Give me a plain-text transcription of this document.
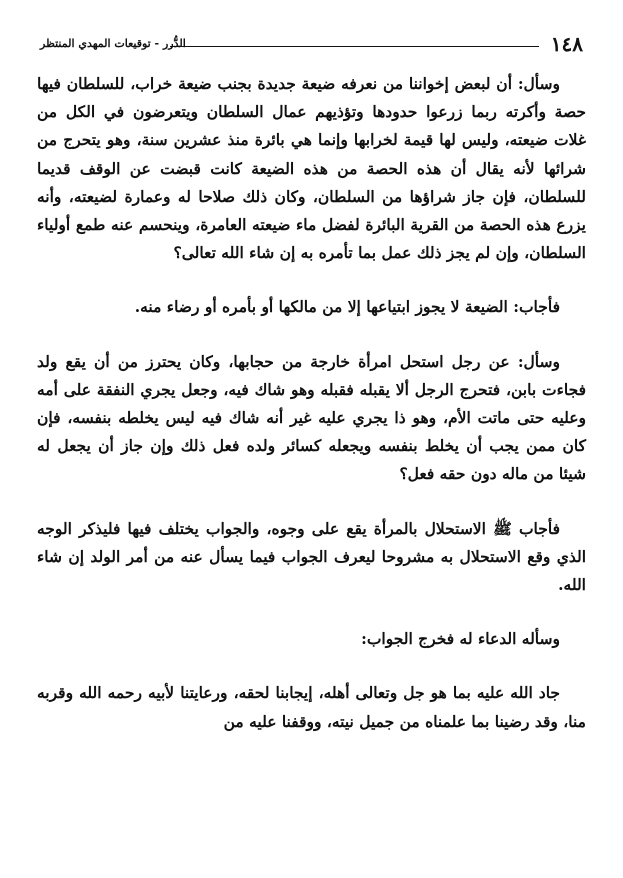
١٤٨
الدُّرر - توقيعات المهدي المنتظر

وسأل: أن لبعض إخواننا من نعرفه ضيعة جديدة بجنب ضيعة خراب، للسلطان فيها حصة وأكرته ربما زرعوا حدودها وتؤذيهم عمال السلطان ويتعرضون في الكل من غلات ضيعته، وليس لها قيمة لخرابها وإنما هي بائرة منذ عشرين سنة، وهو يتحرج من شرائها لأنه يقال أن هذه الحصة من هذه الضيعة كانت قبضت عن الوقف قديما للسلطان، فإن جاز شراؤها من السلطان، وكان ذلك صلاحا له وعمارة لضيعته، وأنه يزرع هذه الحصة من القرية البائرة لفضل ماء ضيعته العامرة، وينحسم عنه طمع أولياء السلطان، وإن لم يجز ذلك عمل بما تأمره به إن شاء الله تعالى؟

فأجاب: الضيعة لا يجوز ابتياعها إلا من مالكها أو بأمره أو رضاء منه.

وسأل: عن رجل استحل امرأة خارجة من حجابها، وكان يحترز من أن يقع ولد فجاءت بابن، فتحرج الرجل ألا يقبله فقبله وهو شاك فيه، وجعل يجري النفقة على أمه وعليه حتى ماتت الأم، وهو ذا يجري عليه غير أنه شاك فيه ليس يخلطه بنفسه، فإن كان ممن يجب أن يخلط بنفسه ويجعله كسائر ولده فعل ذلك وإن جاز أن يجعل له شيئا من ماله دون حقه فعل؟

فأجاب ﷺ الاستحلال بالمرأة يقع على وجوه، والجواب يختلف فيها فليذكر الوجه الذي وقع الاستحلال به مشروحا ليعرف الجواب فيما يسأل عنه من أمر الولد إن شاء الله.

وسأله الدعاء له فخرج الجواب:

جاد الله عليه بما هو جل وتعالى أهله، إيجابنا لحقه، ورعايتنا لأبيه رحمه الله وقربه منا، وقد رضينا بما علمناه من جميل نيته، ووقفنا عليه من
